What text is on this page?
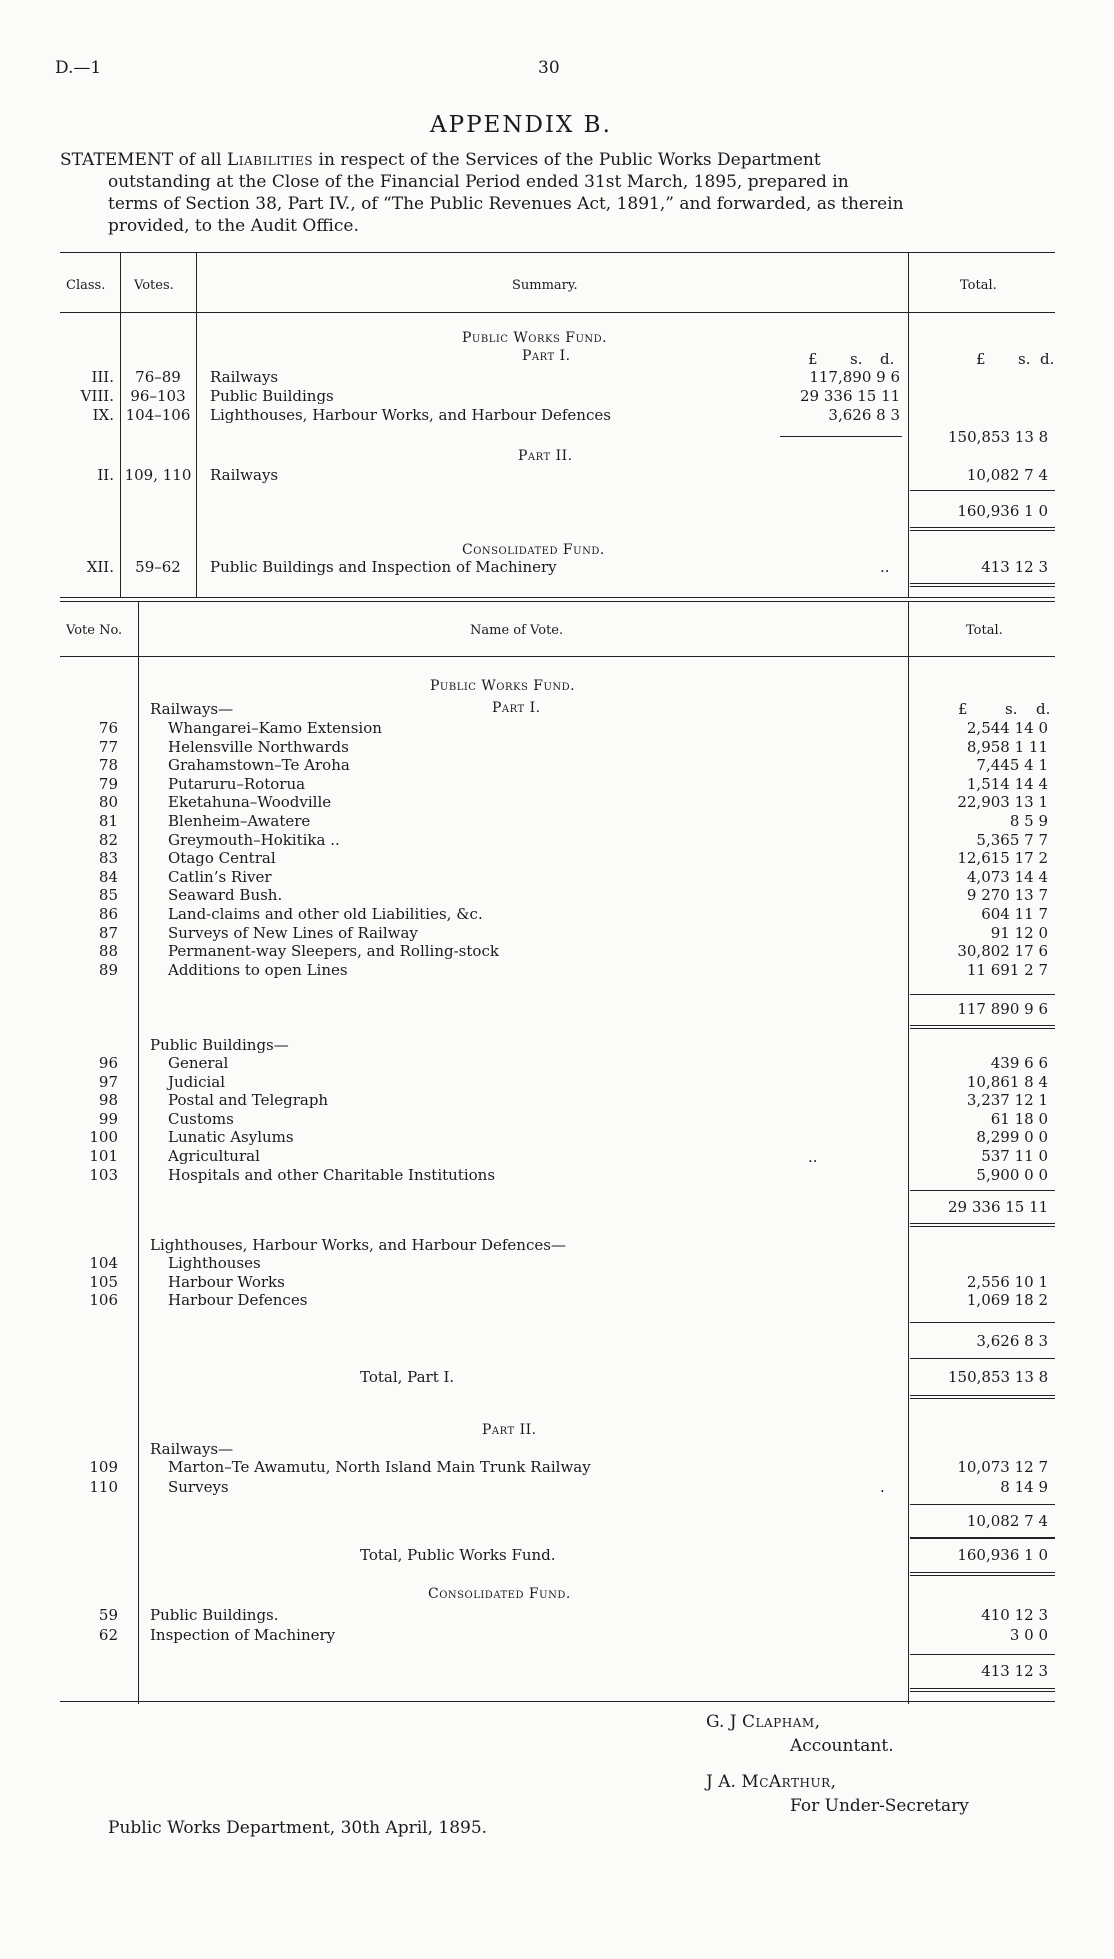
D.—1	30
APPENDIX B.
STATEMENT of all Liabilities in respect of the Services of the Public Works Department
outstanding at the Close of the Financial Period ended 31st March, 1895, prepared in
terms of Section 38, Part IV., of “The Public Revenues Act, 1891,” and forwarded, as therein
provided, to the Audit Office.
Class. Votes.	Summary.	Total.
Public Works Fund.
Part I.	£ s. d.	£ s. d.
III.	76–89	Railways	117,890 9 6
VIII.	96–103	Public Buildings	29 336 15 11
IX. 104–106 Lighthouses, Harbour Works, and Harbour Defences	3,626 8 3
150,853 13 8
Part II.
II. 109, 110 Railways	10,082 7 4
160,936 1 0
Consolidated Fund.
XII.	59–62	Public Buildings and Inspection of Machinery	..	413 12 3
Vote No.	Name of Vote.	Total.
Public Works Fund.
Part I.
Railways—	£ s. d.
76	Whangarei–Kamo Extension	2,544 14 0
77	Helensville Northwards	8,958 1 11
78	Grahamstown–Te Aroha	7,445 4 1
79	Putaruru–Rotorua	1,514 14 4
80	Eketahuna–Woodville	22,903 13 1
81	Blenheim–Awatere	8 5 9
82	Greymouth–Hokitika ..	5,365 7 7
83	Otago Central	12,615 17 2
84	Catlin’s River	4,073 14 4
85	Seaward Bush.	9 270 13 7
86	Land-claims and other old Liabilities, &c.	604 11 7
87	Surveys of New Lines of Railway	91 12 0
88	Permanent-way Sleepers, and Rolling-stock	30,802 17 6
89	Additions to open Lines	11 691 2 7
117 890 9 6
Public Buildings—
96	General	439 6 6
97	Judicial	10,861 8 4
98	Postal and Telegraph	3,237 12 1
99	Customs	61 18 0
100	Lunatic Asylums	8,299 0 0
101	Agricultural	537 11 0
103	Hospitals and other Charitable Institutions	5,900 0 0
..
29 336 15 11
Lighthouses, Harbour Works, and Harbour Defences—
104	Lighthouses
105	Harbour Works	2,556 10 1
106	Harbour Defences	1,069 18 2
3,626 8 3
Total, Part I.	150,853 13 8
Part II.
Railways—
109	Marton–Te Awamutu, North Island Main Trunk Railway	10,073 12 7
110	Surveys	8 14 9
.
10,082 7 4
Total, Public Works Fund.	160,936 1 0
Consolidated Fund.
59 Public Buildings.	410 12 3
62 Inspection of Machinery	3 0 0
413 12 3
G. J Clapham,
Accountant.
J A. McArthur,
For Under-Secretary
Public Works Department, 30th April, 1895.
